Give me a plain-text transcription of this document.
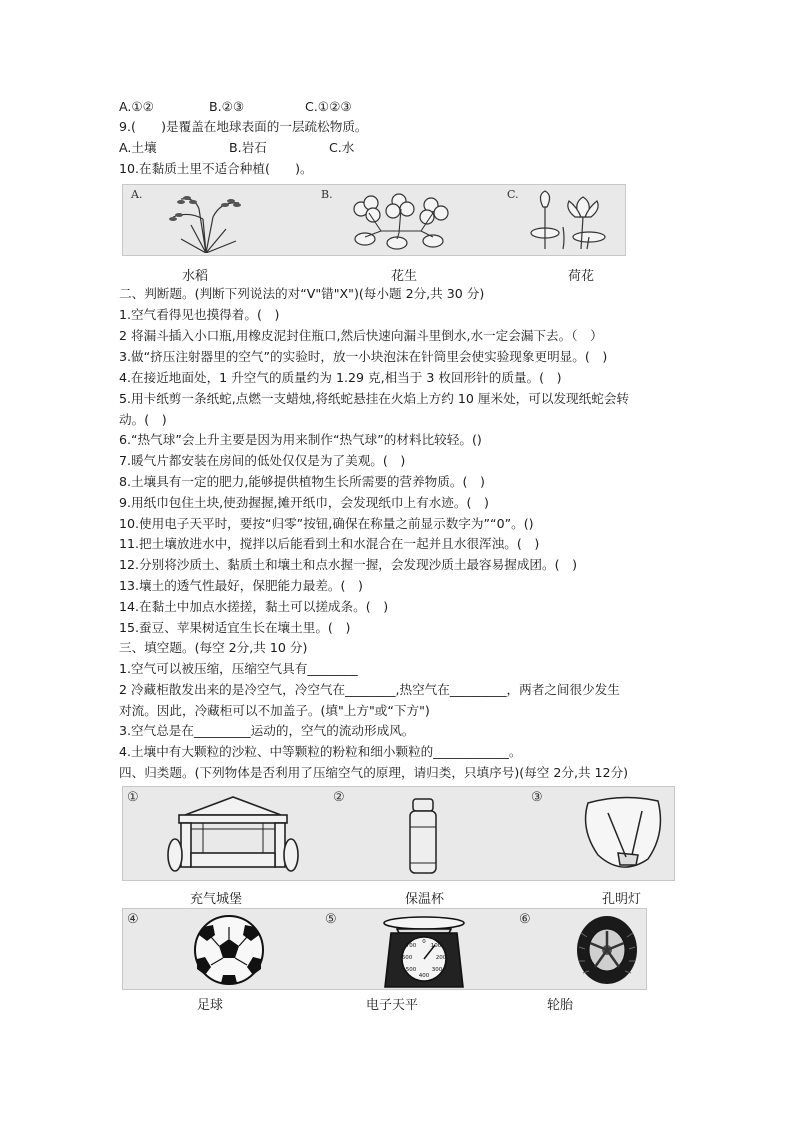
A.①②	B.②③	C.①②③
9.(　　)是覆盖在地球表面的一层疏松物质。
A.土壤	B.岩石	C.水
10.在黏质土里不适合种植(　　)。
A.	B.	C.
水稻	花生	荷花
二、判断题。(判断下列说法的对“V"错"X")(每小题 2分,共 30 分)
1.空气看得见也摸得着。(　)
2 将漏斗插入小口瓶,用橡皮泥封住瓶口,然后快速向漏斗里倒水,水一定会漏下去。（　）
3.做“挤压注射器里的空气”的实验时，放一小块泡沫在针筒里会使实验现象更明显。(　)
4.在接近地面处，1 升空气的质量约为 1.29 克,相当于 3 枚回形针的质量。(　)
5.用卡纸剪一条纸蛇,点燃一支蜡烛,将纸蛇悬挂在火焰上方约 10 厘米处，可以发现纸蛇会转
动。(　)
6.“热气球”会上升主要是因为用来制作“热气球”的材料比较轻。()
7.暖气片都安装在房间的低处仅仅是为了美观。(　)
8.土壤具有一定的肥力,能够提供植物生长所需要的营养物质。(　)
9.用纸巾包住土块,使劲握握,摊开纸巾，会发现纸巾上有水迹。(　)
10.使用电子天平时，要按“归零”按钮,确保在称量之前显示数字为”“0”。()
11.把土壤放进水中，搅拌以后能看到土和水混合在一起并且水很浑浊。(　)
12.分别将沙质土、黏质土和壤土和点水握一握，会发现沙质土最容易握成团。(　)
13.壤土的透气性最好，保肥能力最差。(　)
14.在黏土中加点水搓搓，黏土可以搓成条。(　)
15.蚕豆、苹果树适宜生长在壤土里。(　)
三、填空题。(每空 2分,共 10 分)
1.空气可以被压缩，压缩空气具有________
2 冷藏柜散发出来的是冷空气，冷空气在________,热空气在_________，两者之间很少发生
对流。因此，冷藏柜可以不加盖子。(填"上方"或“下方")
3.空气总是在_________运动的，空气的流动形成风。
4.土壤中有大颗粒的沙粒、中等颗粒的粉粒和细小颗粒的____________。
四、归类题。(下列物体是否利用了压缩空气的原理，请归类，只填序号)(每空 2分,共 12分)
①	②	③
充气城堡	保温杯	孔明灯
④	⑤	⑥
0
100
200
300
400
500
600
700
足球	电子天平	轮胎
